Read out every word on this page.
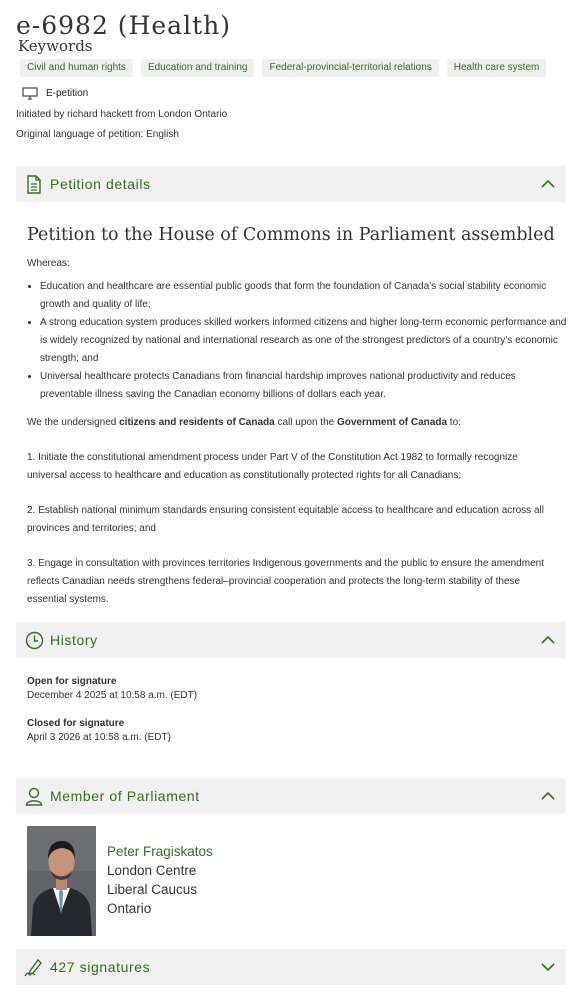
e-6982 (Health)
Keywords
Civil and human rights	Education and training	Federal-provincial-territorial relations	Health care system
E-petition
Initiated by richard hackett from London Ontario
Original language of petition: English
Petition details
Petition to the House of Commons in Parliament assembled
Whereas:
• Education and healthcare are essential public goods that form the foundation of Canada’s social stability economic growth and quality of life;
• A strong education system produces skilled workers informed citizens and higher long-term economic performance and is widely recognized by national and international research as one of the strongest predictors of a country’s economic strength; and
• Universal healthcare protects Canadians from financial hardship improves national productivity and reduces preventable illness saving the Canadian economy billions of dollars each year.
We the undersigned citizens and residents of Canada call upon the Government of Canada to:
1. Initiate the constitutional amendment process under Part V of the Constitution Act 1982 to formally recognize universal access to healthcare and education as constitutionally protected rights for all Canadians;
2. Establish national minimum standards ensuring consistent equitable access to healthcare and education across all provinces and territories; and
3. Engage in consultation with provinces territories Indigenous governments and the public to ensure the amendment reflects Canadian needs strengthens federal–provincial cooperation and protects the long-term stability of these essential systems.
History
Open for signature
December 4 2025 at 10:58 a.m. (EDT)
Closed for signature
April 3 2026 at 10:58 a.m. (EDT)
Member of Parliament
Peter Fragiskatos
London Centre
Liberal Caucus
Ontario
427 signatures
